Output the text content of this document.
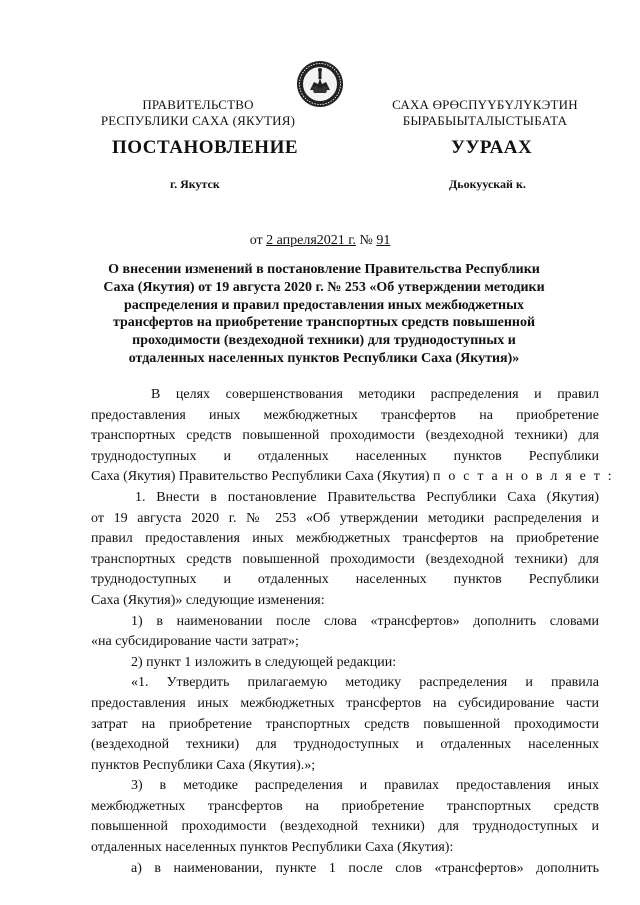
ПРАВИТЕЛЬСТВО
РЕСПУБЛИКИ САХА (ЯКУТИЯ)
САХА ӨРӨСПҮҮБҮЛҮКЭТИН
БЫРАБЫЫТАЛЫСТЫБАТА
ПОСТАНОВЛЕНИЕ	УУРААХ
г. Якутск	Дьокуускай к.
от 2 апреля2021 г. № 91
О внесении изменений в постановление Правительства Республики
Саха (Якутия) от 19 августа 2020 г. № 253 «Об утверждении методики
распределения и правил предоставления иных межбюджетных
трансфертов на приобретение транспортных средств повышенной
проходимости (вездеходной техники) для труднодоступных и
отдаленных населенных пунктов Республики Саха (Якутия)»
В целях совершенствования методики распределения и правил
предоставления иных межбюджетных трансфертов на приобретение
транспортных средств повышенной проходимости (вездеходной техники) для
труднодоступных и отдаленных населенных пунктов Республики
Саха (Якутия) Правительство Республики Саха (Якутия) п о с т а н о в л я е т :
1. Внести в постановление Правительства Республики Саха (Якутия)
от 19 августа 2020 г. № 253 «Об утверждении методики распределения и
правил предоставления иных межбюджетных трансфертов на приобретение
транспортных средств повышенной проходимости (вездеходной техники) для
труднодоступных и отдаленных населенных пунктов Республики
Саха (Якутия)» следующие изменения:
1) в наименовании после слова «трансфертов» дополнить словами
«на субсидирование части затрат»;
2) пункт 1 изложить в следующей редакции:
«1. Утвердить прилагаемую методику распределения и правила
предоставления иных межбюджетных трансфертов на субсидирование части
затрат на приобретение транспортных средств повышенной проходимости
(вездеходной техники) для труднодоступных и отдаленных населенных
пунктов Республики Саха (Якутия).»;
3) в методике распределения и правилах предоставления иных
межбюджетных трансфертов на приобретение транспортных средств
повышенной проходимости (вездеходной техники) для труднодоступных и
отдаленных населенных пунктов Республики Саха (Якутия):
а) в наименовании, пункте 1 после слов «трансфертов» дополнить
